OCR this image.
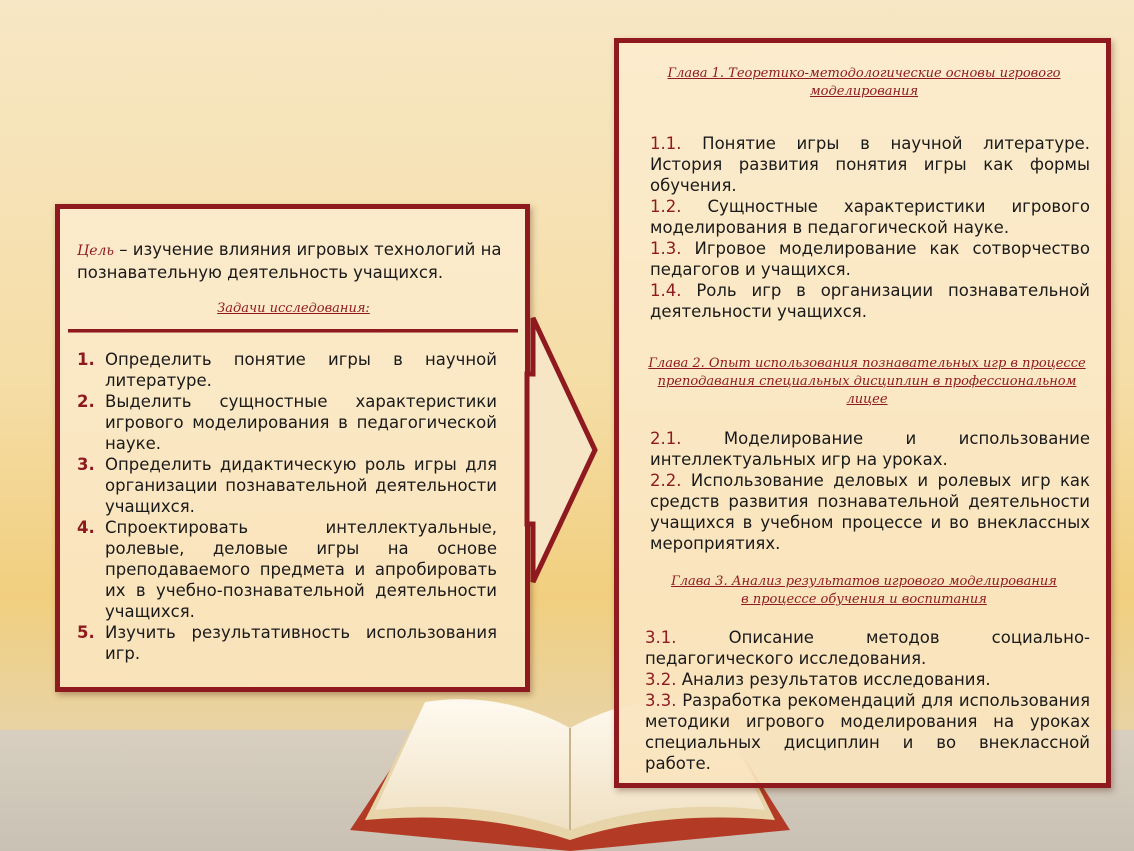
Цель – изучение влияния игровых технологий на познавательную деятельность учащихся.
Задачи исследования:
1. Определить понятие игры в научной литературе.
2. Выделить сущностные характеристики игрового моделирования в педагогической науке.
3. Определить дидактическую роль игры для организации познавательной деятельности учащихся.
4. Спроектировать интеллектуальные, ролевые, деловые игры на основе преподаваемого предмета и апробировать их в учебно-познавательной деятельности учащихся.
5. Изучить результативность использования игр.
Глава 1. Теоретико-методологические основы игрового моделирования
1.1. Понятие игры в научной литературе. История развития понятия игры как формы обучения.
1.2. Сущностные характеристики игрового моделирования в педагогической науке.
1.3. Игровое моделирование как сотворчество педагогов и учащихся.
1.4. Роль игр в организации познавательной деятельности учащихся.
Глава 2. Опыт использования познавательных игр в процессе преподавания специальных дисциплин в профессиональном лицее
2.1. Моделирование и использование интеллектуальных игр на уроках.
2.2. Использование деловых и ролевых игр как средств развития познавательной деятельности учащихся в учебном процессе и во внеклассных мероприятиях.
Глава 3. Анализ результатов игрового моделирования в процессе обучения и воспитания
3.1. Описание методов социально-педагогического исследования.
3.2. Анализ результатов исследования.
3.3. Разработка рекомендаций для использования методики игрового моделирования на уроках специальных дисциплин и во внеклассной работе.
